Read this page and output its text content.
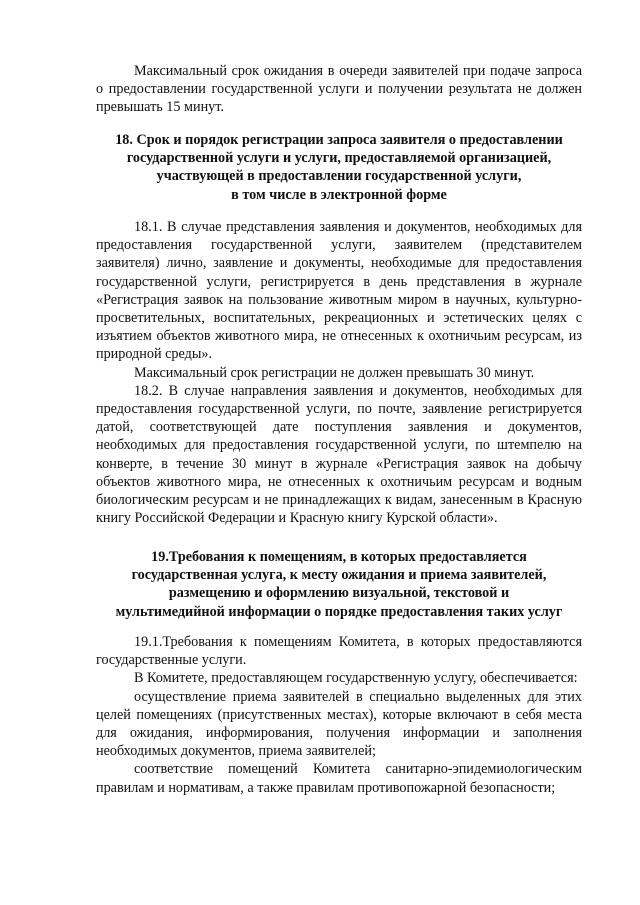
Максимальный срок ожидания в очереди заявителей при подаче запроса о предоставлении государственной услуги и получении результата не должен превышать 15 минут.

18. Срок и порядок регистрации запроса заявителя о предоставлении

государственной услуги и услуги, предоставляемой организацией,

участвующей в предоставлении государственной услуги,

в том числе в электронной форме

18.1. В случае представления заявления и документов, необходимых для предоставления государственной услуги, заявителем (представителем заявителя) лично, заявление и документы, необходимые для предоставления государственной услуги, регистрируется в день представления в журнале «Регистрация заявок на пользование животным миром в научных, культурно-просветительных, воспитательных, рекреационных и эстетических целях с изъятием объектов животного мира, не отнесенных к охотничьим ресурсам, из природной среды».

Максимальный срок регистрации не должен превышать 30 минут.

18.2. В случае направления заявления и документов, необходимых для предоставления государственной услуги, по почте, заявление регистрируется датой, соответствующей дате поступления заявления и документов, необходимых для предоставления государственной услуги, по штемпелю на конверте, в течение 30 минут в журнале «Регистрация заявок на добычу объектов животного мира, не отнесенных к охотничьим ресурсам и водным биологическим ресурсам и не принадлежащих к видам, занесенным в Красную книгу Российской Федерации и Красную книгу Курской области».

19.Требования к помещениям, в которых предоставляется

государственная услуга, к месту ожидания и приема заявителей,

размещению и оформлению визуальной, текстовой и

мультимедийной информации о порядке предоставления таких услуг

19.1.Требования к помещениям Комитета, в которых предоставляются государственные услуги.

В Комитете, предоставляющем государственную услугу, обеспечивается:

осуществление приема заявителей в специально выделенных для этих целей помещениях (присутственных местах), которые включают в себя места для ожидания, информирования, получения информации и заполнения необходимых документов, приема заявителей;

соответствие помещений Комитета санитарно-эпидемиологическим правилам и нормативам, а также правилам противопожарной безопасности;
